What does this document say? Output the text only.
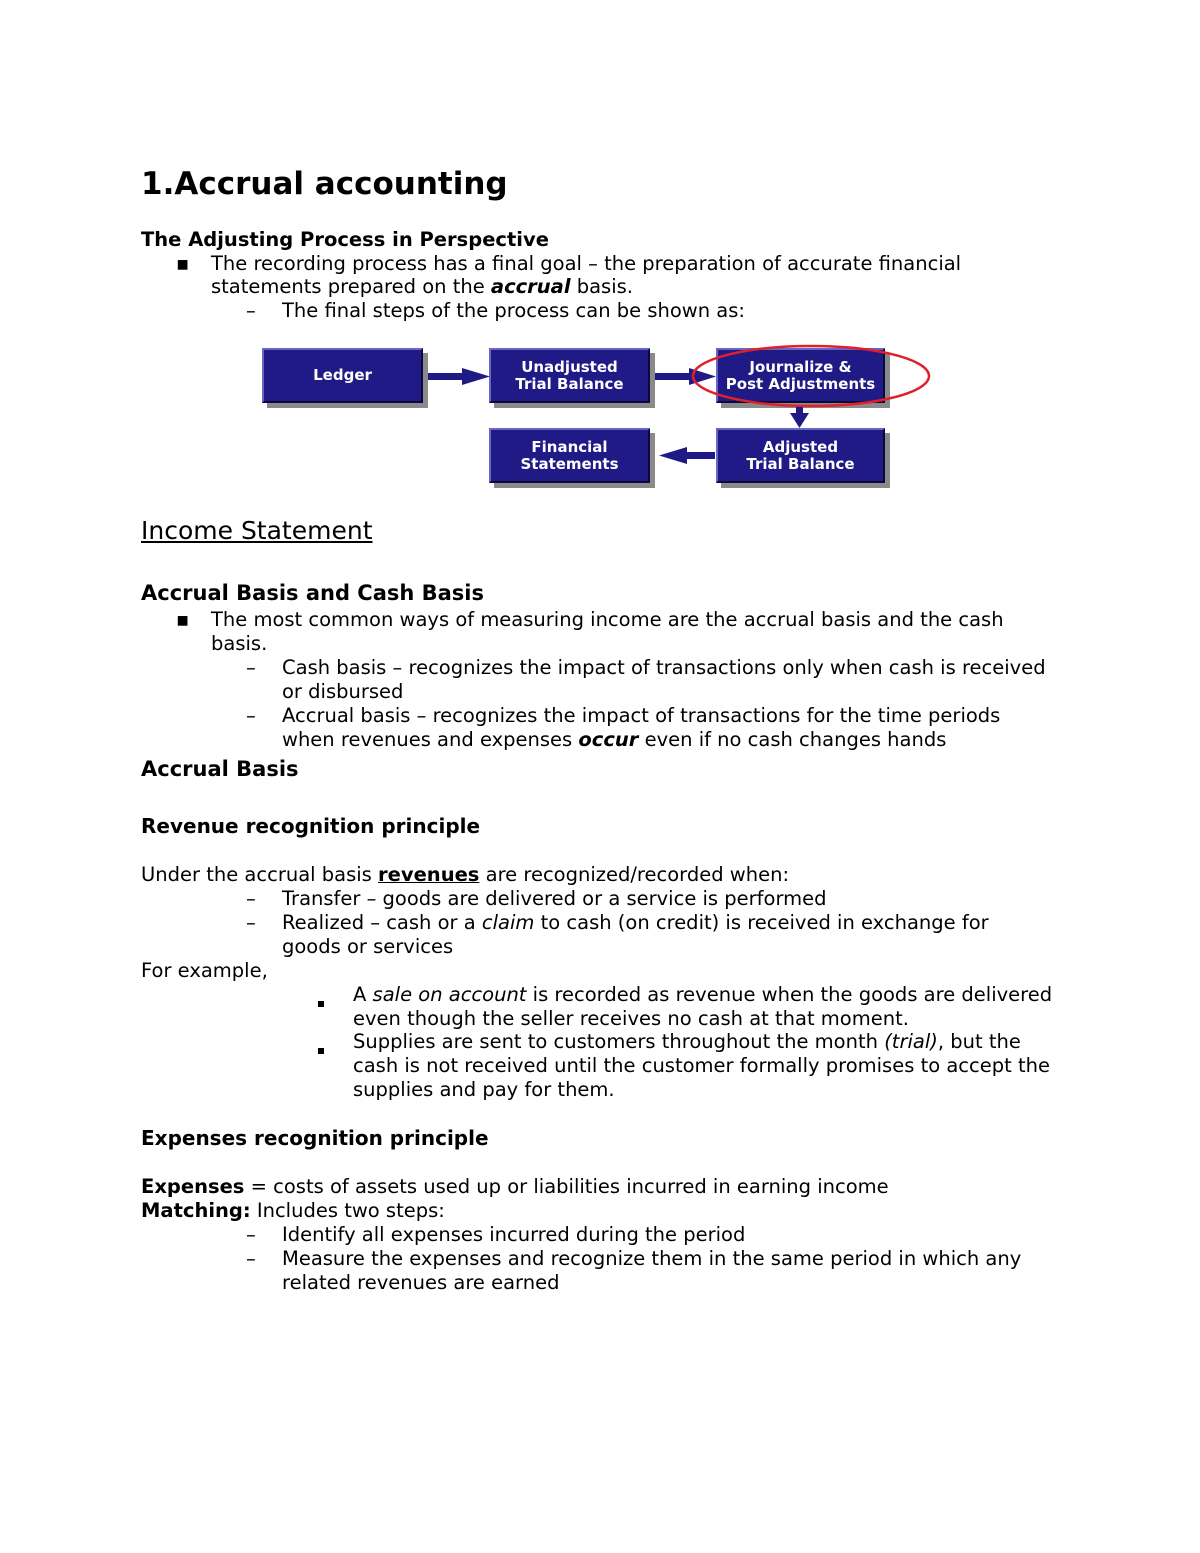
1.Accrual accounting
The Adjusting Process in Perspective
▪ The recording process has a final goal – the preparation of accurate financial
statements prepared on the accrual basis.
– The final steps of the process can be shown as:
Ledger	Unadjusted
Trial Balance
Journalize &
Post Adjustments
Financial
Statements
Adjusted
Trial Balance
Income Statement
Accrual Basis and Cash Basis
▪ The most common ways of measuring income are the accrual basis and the cash
basis.
– Cash basis – recognizes the impact of transactions only when cash is received
or disbursed
– Accrual basis – recognizes the impact of transactions for the time periods
when revenues and expenses occur even if no cash changes hands
Accrual Basis
Revenue recognition principle
Under the accrual basis revenues are recognized/recorded when:
– Transfer – goods are delivered or a service is performed
– Realized – cash or a claim to cash (on credit) is received in exchange for
goods or services
For example,
A sale on account is recorded as revenue when the goods are delivered
even though the seller receives no cash at that moment.
Supplies are sent to customers throughout the month (trial), but the
cash is not received until the customer formally promises to accept the
supplies and pay for them.
Expenses recognition principle
Expenses = costs of assets used up or liabilities incurred in earning income
Matching: Includes two steps:
– Identify all expenses incurred during the period
– Measure the expenses and recognize them in the same period in which any
related revenues are earned
